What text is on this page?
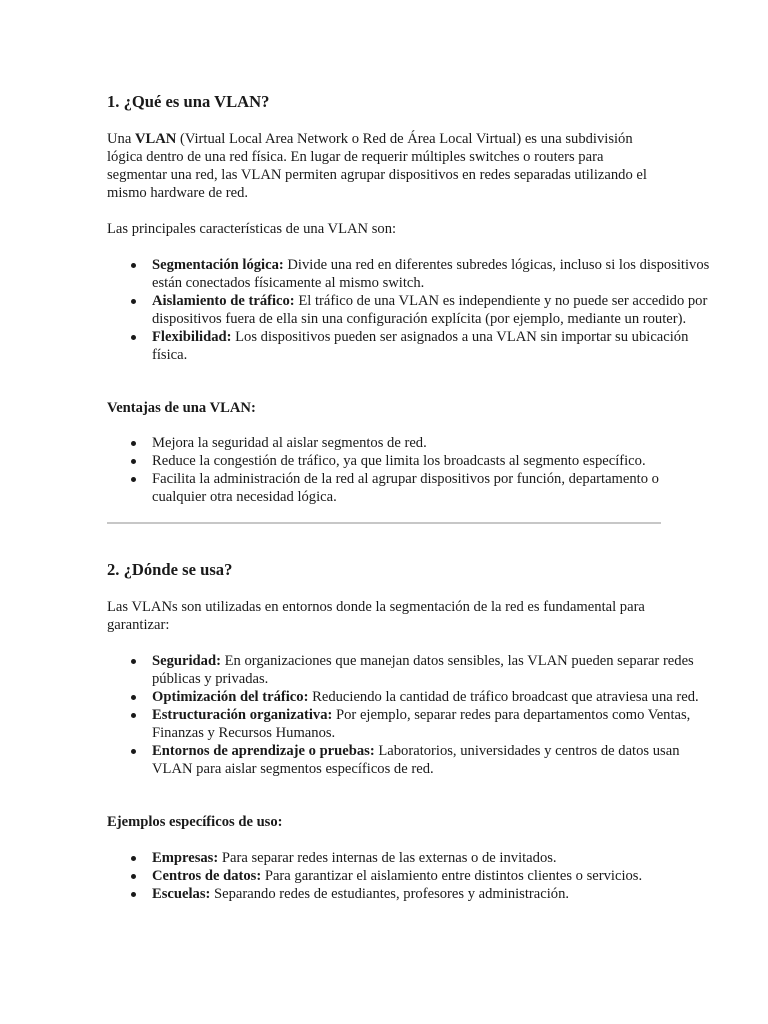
1. ¿Qué es una VLAN?

Una VLAN (Virtual Local Area Network o Red de Área Local Virtual) es una subdivisión lógica dentro de una red física. En lugar de requerir múltiples switches o routers para segmentar una red, las VLAN permiten agrupar dispositivos en redes separadas utilizando el mismo hardware de red.

Las principales características de una VLAN son:

Segmentación lógica: Divide una red en diferentes subredes lógicas, incluso si los dispositivos están conectados físicamente al mismo switch.
Aislamiento de tráfico: El tráfico de una VLAN es independiente y no puede ser accedido por dispositivos fuera de ella sin una configuración explícita (por ejemplo, mediante un router).
Flexibilidad: Los dispositivos pueden ser asignados a una VLAN sin importar su ubicación física.

Ventajas de una VLAN:

Mejora la seguridad al aislar segmentos de red.
Reduce la congestión de tráfico, ya que limita los broadcasts al segmento específico.
Facilita la administración de la red al agrupar dispositivos por función, departamento o cualquier otra necesidad lógica.
2. ¿Dónde se usa?

Las VLANs son utilizadas en entornos donde la segmentación de la red es fundamental para garantizar:

Seguridad: En organizaciones que manejan datos sensibles, las VLAN pueden separar redes públicas y privadas.
Optimización del tráfico: Reduciendo la cantidad de tráfico broadcast que atraviesa una red.
Estructuración organizativa: Por ejemplo, separar redes para departamentos como Ventas, Finanzas y Recursos Humanos.
Entornos de aprendizaje o pruebas: Laboratorios, universidades y centros de datos usan VLAN para aislar segmentos específicos de red.

Ejemplos específicos de uso:

Empresas: Para separar redes internas de las externas o de invitados.
Centros de datos: Para garantizar el aislamiento entre distintos clientes o servicios.
Escuelas: Separando redes de estudiantes, profesores y administración.
